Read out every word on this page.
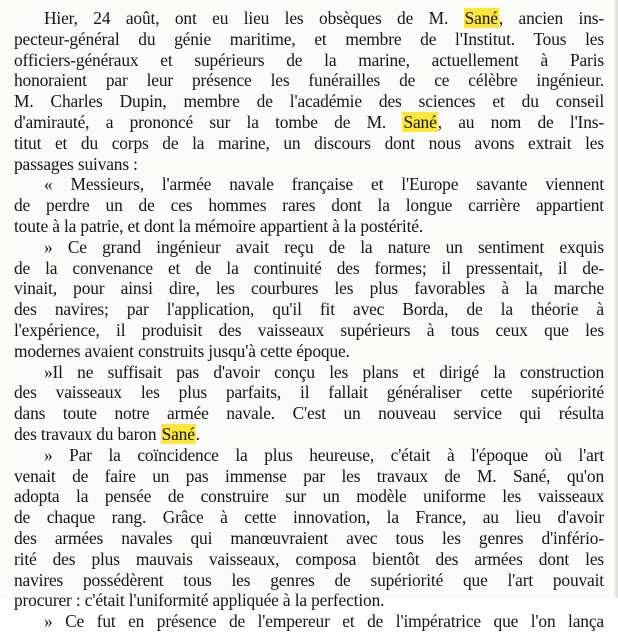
Hier, 24 août, ont eu lieu les obsèques de M. Sané, ancien ins-
pecteur-général du génie maritime, et membre de l'Institut. Tous les
officiers-généraux et supérieurs de la marine, actuellement à Paris
honoraient par leur présence les funérailles de ce célèbre ingénieur.
M. Charles Dupin, membre de l'académie des sciences et du conseil
d'amirauté, a prononcé sur la tombe de M. Sané, au nom de l'Ins-
titut et du corps de la marine, un discours dont nous avons extrait les
passages suivans :
« Messieurs, l'armée navale française et l'Europe savante viennent
de perdre un de ces hommes rares dont la longue carrière appartient
toute à la patrie, et dont la mémoire appartient à la postérité.
» Ce grand ingénieur avait reçu de la nature un sentiment exquis
de la convenance et de la continuité des formes; il pressentait, il de-
vinait, pour ainsi dire, les courbures les plus favorables à la marche
des navires; par l'application, qu'il fit avec Borda, de la théorie à
l'expérience, il produisit des vaisseaux supérieurs à tous ceux que les
modernes avaient construits jusqu'à cette époque.
»Il ne suffisait pas d'avoir conçu les plans et dirigé la construction
des vaisseaux les plus parfaits, il fallait généraliser cette supériorité
dans toute notre armée navale. C'est un nouveau service qui résulta
des travaux du baron Sané.
» Par la coïncidence la plus heureuse, c'était à l'époque où l'art
venait de faire un pas immense par les travaux de M. Sané, qu'on
adopta la pensée de construire sur un modèle uniforme les vaisseaux
de chaque rang. Grâce à cette innovation, la France, au lieu d'avoir
des armées navales qui manœuvraient avec tous les genres d'infério-
rité des plus mauvais vaisseaux, composa bientôt des armées dont les
navires possédèrent tous les genres de supériorité que l'art pouvait
procurer : c'était l'uniformité appliquée à la perfection.
» Ce fut en présence de l'empereur et de l'impératrice que l'on lança
